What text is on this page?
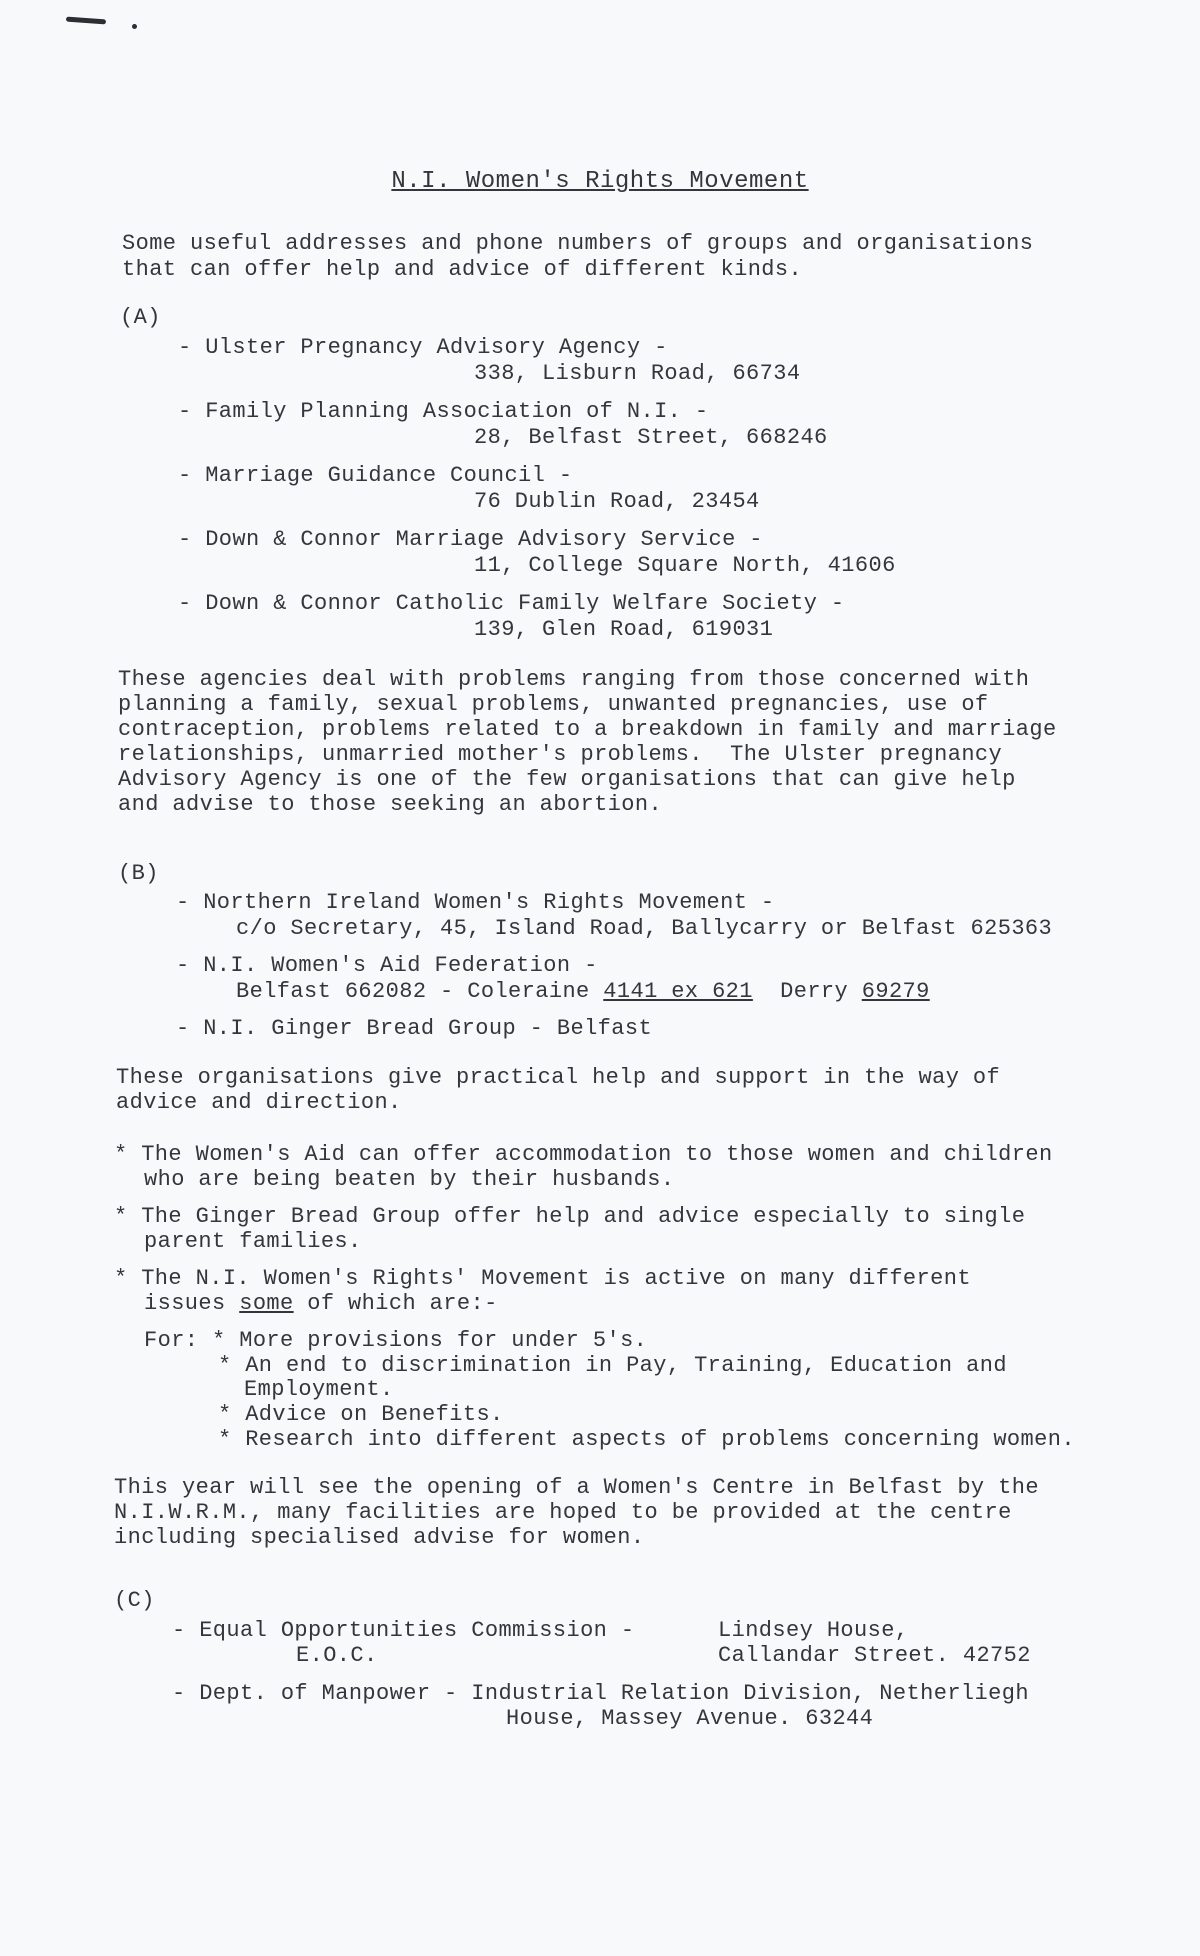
N.I. Women's Rights Movement
Some useful addresses and phone numbers of groups and organisations
that can offer help and advice of different kinds.
(A)
- Ulster Pregnancy Advisory Agency -
338, Lisburn Road, 66734
- Family Planning Association of N.I. -
28, Belfast Street, 668246
- Marriage Guidance Council -
76 Dublin Road, 23454
- Down & Connor Marriage Advisory Service -
11, College Square North, 41606
- Down & Connor Catholic Family Welfare Society -
139, Glen Road, 619031
These agencies deal with problems ranging from those concerned with
planning a family, sexual problems, unwanted pregnancies, use of
contraception, problems related to a breakdown in family and marriage
relationships, unmarried mother's problems.  The Ulster pregnancy
Advisory Agency is one of the few organisations that can give help
and advise to those seeking an abortion.
(B)
- Northern Ireland Women's Rights Movement -
c/o Secretary, 45, Island Road, Ballycarry or Belfast 625363
- N.I. Women's Aid Federation -
Belfast 662082 - Coleraine 4141 ex 621 Derry 69279
- N.I. Ginger Bread Group - Belfast
These organisations give practical help and support in the way of
advice and direction.
* The Women's Aid can offer accommodation to those women and children
who are being beaten by their husbands.
* The Ginger Bread Group offer help and advice especially to single
parent families.
* The N.I. Women's Rights' Movement is active on many different
issues some of which are:-
For: * More provisions for under 5's.
* An end to discrimination in Pay, Training, Education and
Employment.
* Advice on Benefits.
* Research into different aspects of problems concerning women.
This year will see the opening of a Women's Centre in Belfast by the
N.I.W.R.M., many facilities are hoped to be provided at the centre
including specialised advise for women.
(C)
- Equal Opportunities Commission -
E.O.C.
Lindsey House,
Callandar Street. 42752
- Dept. of Manpower - Industrial Relation Division, Netherliegh
House, Massey Avenue. 63244
